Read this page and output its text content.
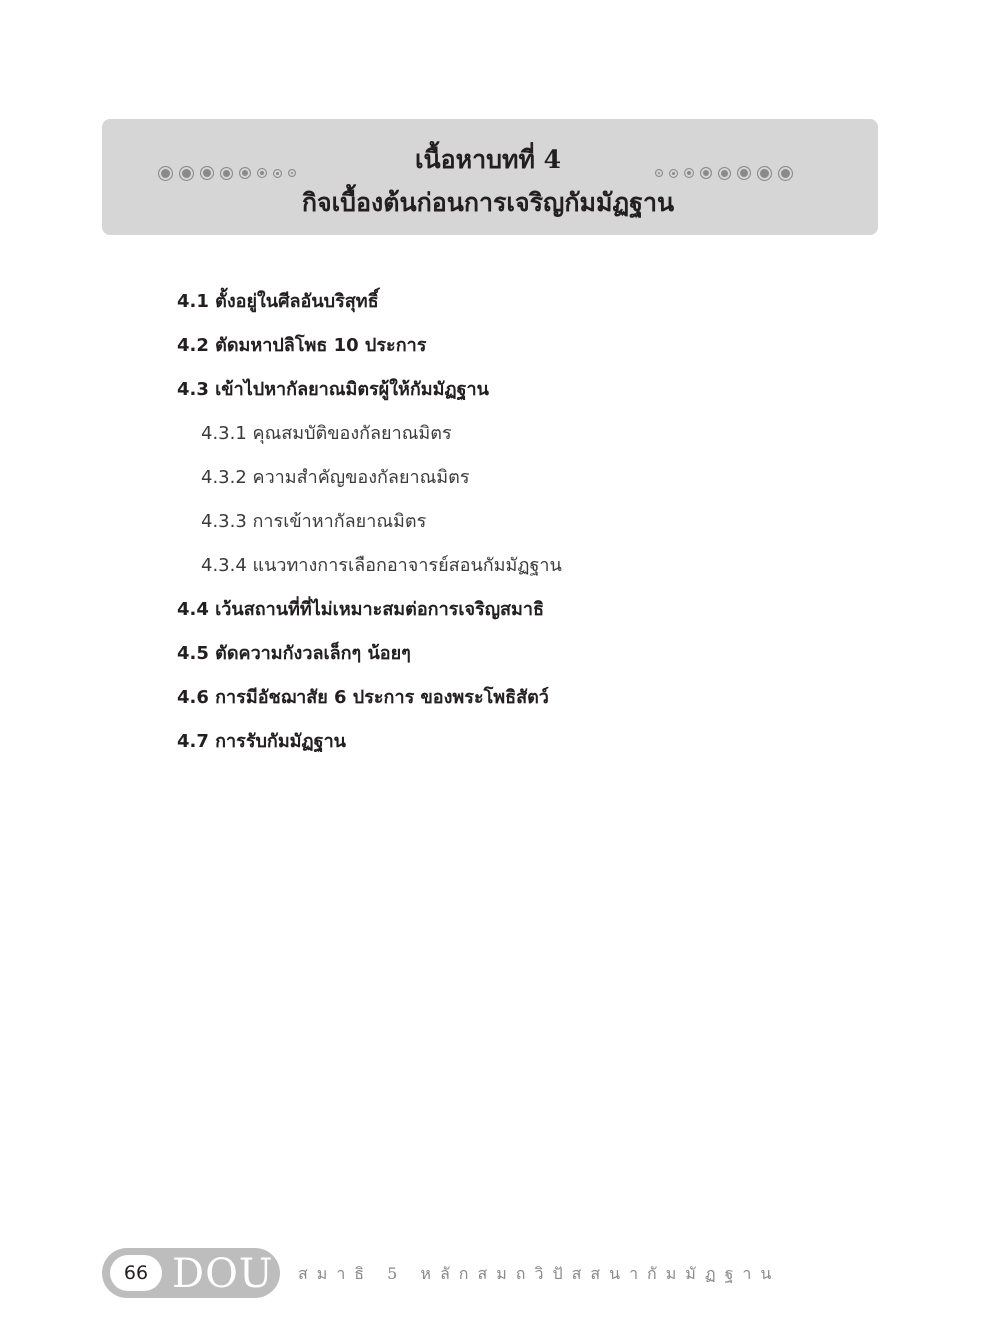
เนื้อหาบทที่ 4
กิจเบื้องต้นก่อนการเจริญกัมมัฏฐาน
4.1 ตั้งอยู่ในศีลอันบริสุทธิ์
4.2 ตัดมหาปลิโพธ 10 ประการ
4.3 เข้าไปหากัลยาณมิตรผู้ให้กัมมัฏฐาน
4.3.1 คุณสมบัติของกัลยาณมิตร
4.3.2 ความสำคัญของกัลยาณมิตร
4.3.3 การเข้าหากัลยาณมิตร
4.3.4 แนวทางการเลือกอาจารย์สอนกัมมัฏฐาน
4.4 เว้นสถานที่ที่ไม่เหมาะสมต่อการเจริญสมาธิ
4.5 ตัดความกังวลเล็กๆ น้อยๆ
4.6 การมีอัชฌาสัย 6 ประการ ของพระโพธิสัตว์
4.7 การรับกัมมัฏฐาน
66 DOU สมาธิ 5 หลักสมถวิปัสสนากัมมัฏฐาน
